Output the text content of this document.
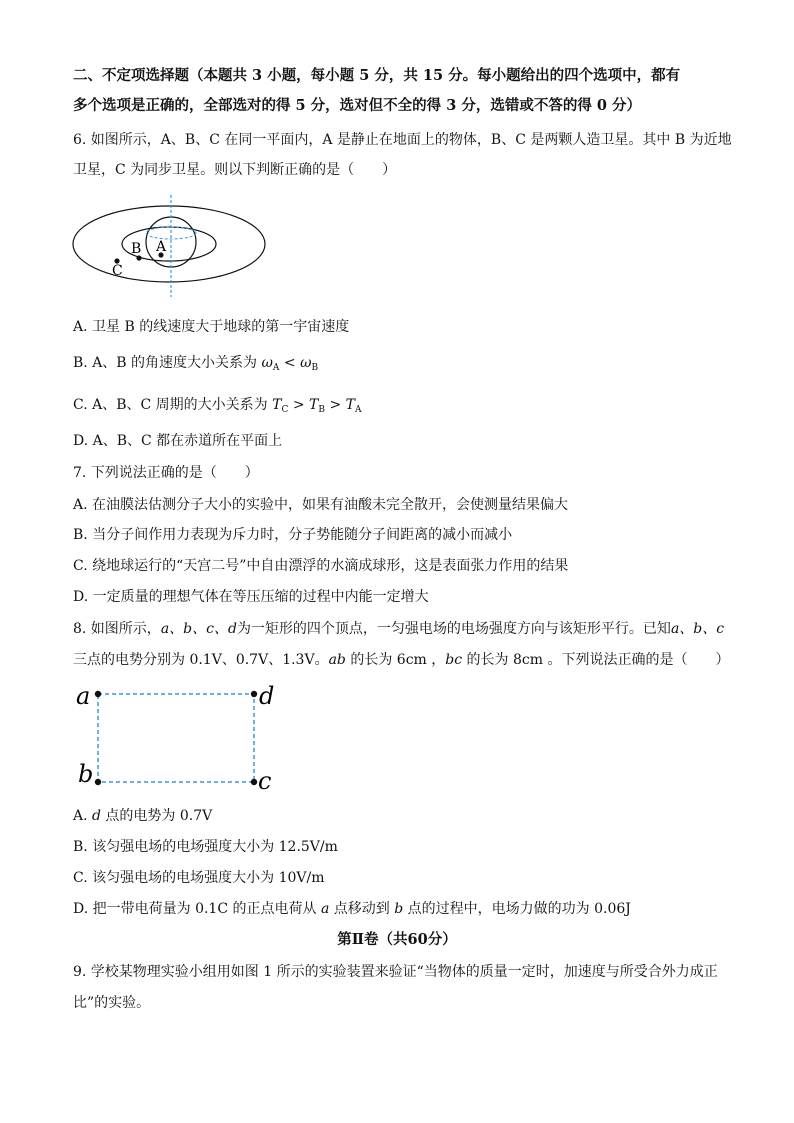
二、不定项选择题（本题共 3 小题，每小题 5 分，共 15 分。每小题给出的四个选项中，都有
多个选项是正确的，全部选对的得 5 分，选对但不全的得 3 分，选错或不答的得 0 分）
6. 如图所示，A、B、C 在同一平面内，A 是静止在地面上的物体，B、C 是两颗人造卫星。其中 B 为近地
卫星，C 为同步卫星。则以下判断正确的是（　　）
A
B
C
A. 卫星 B 的线速度大于地球的第一宇宙速度
B. A、B 的角速度大小关系为 $\omega_A < \omega_B$
C. A、B、C 周期的大小关系为 $T_C > T_B > T_A$
D. A、B、C 都在赤道所在平面上
7. 下列说法正确的是（　　）
A. 在油膜法估测分子大小的实验中，如果有油酸未完全散开，会使测量结果偏大
B. 当分子间作用力表现为斥力时，分子势能随分子间距离的减小而减小
C. 绕地球运行的“天宫二号”中自由漂浮的水滴成球形，这是表面张力作用的结果
D. 一定质量的理想气体在等压压缩的过程中内能一定增大
8. 如图所示，a、b、c、d为一矩形的四个顶点，一匀强电场的电场强度方向与该矩形平行。已知a、b、c
三点的电势分别为 0.1V、0.7V、1.3V。ab 的长为 6cm ，bc 的长为 8cm 。下列说法正确的是（　　）
a	d
b	c
A. d 点的电势为 0.7V
B. 该匀强电场的电场强度大小为 12.5V/m
C. 该匀强电场的电场强度大小为 10V/m
D. 把一带电荷量为 0.1C 的正点电荷从 a 点移动到 b 点的过程中，电场力做的功为 0.06J
第Ⅱ卷（共60分）
9. 学校某物理实验小组用如图 1 所示的实验装置来验证“当物体的质量一定时，加速度与所受合外力成正
比”的实验。
